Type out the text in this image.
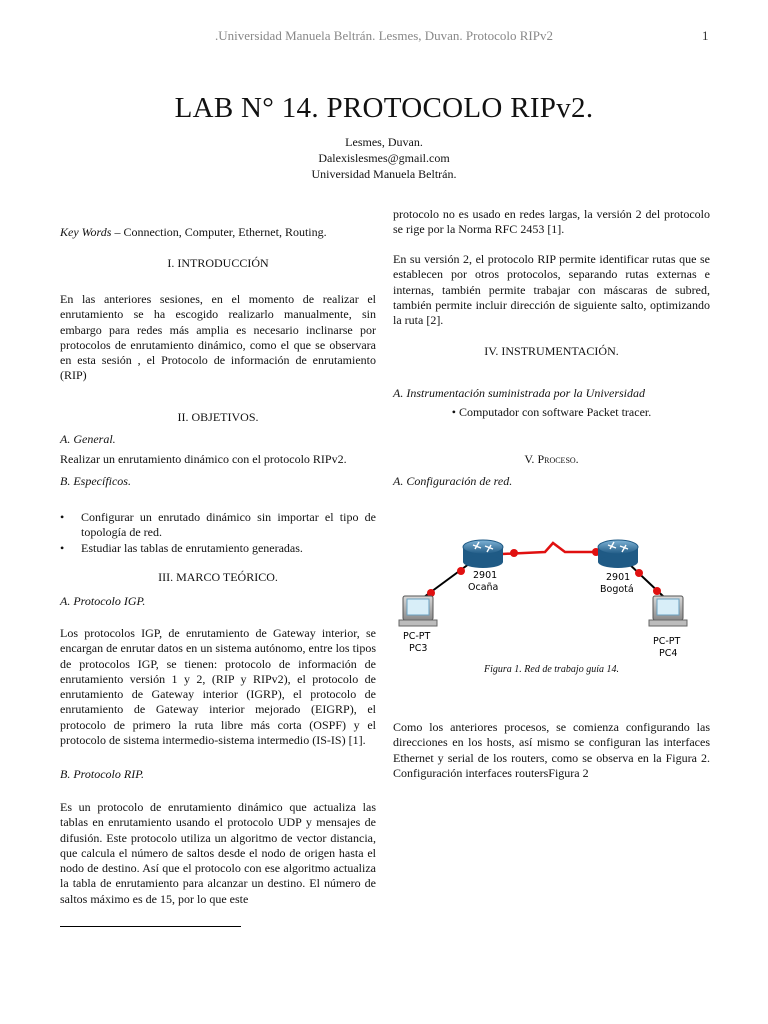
.Universidad Manuela Beltrán. Lesmes, Duvan. Protocolo RIPv2	1
LAB N° 14. PROTOCOLO RIPv2.
Lesmes, Duvan.
Dalexislesmes@gmail.com
Universidad Manuela Beltrán.

Key Words – Connection, Computer, Ethernet, Routing.

I. INTRODUCCIÓN

En las anteriores sesiones, en el momento de realizar el enrutamiento se ha escogido realizarlo manualmente, sin embargo para redes más amplia es necesario inclinarse por protocolos de enrutamiento dinámico, como el que se observara en esta sesión , el Protocolo de información de enrutamiento (RIP)

II. OBJETIVOS.
A. General.

Realizar un enrutamiento dinámico con el protocolo RIPv2.

B. Específicos.

• Configurar un enrutado dinámico sin importar el tipo de topología de red.

• Estudiar las tablas de enrutamiento generadas.

III. MARCO TEÓRICO.
A. Protocolo IGP.

Los protocolos IGP, de enrutamiento de Gateway interior, se encargan de enrutar datos en un sistema autónomo, entre los tipos de protocolos IGP, se tienen: protocolo de información de enrutamiento versión 1 y 2, (RIP y RIPv2), el protocolo de enrutamiento de Gateway interior (IGRP), el protocolo de enrutamiento de Gateway interior mejorado (EIGRP), el protocolo de primero la ruta libre más corta (OSPF) y el protocolo de sistema intermedio-sistema intermedio (IS-IS) [1].

B. Protocolo RIP.

Es un protocolo de enrutamiento dinámico que actualiza las tablas en enrutamiento usando el protocolo UDP y mensajes de difusión. Este protocolo utiliza un algoritmo de vector distancia, que calcula el número de saltos desde el nodo de origen hasta el nodo de destino. Así que el protocolo con ese algoritmo actualiza la tabla de enrutamiento para alcanzar un destino. El número de saltos máximo es de 15, por lo que este

protocolo no es usado en redes largas, la versión 2 del protocolo se rige por la Norma RFC 2453 [1].

En su versión 2, el protocolo RIP permite identificar rutas que se establecen por otros protocolos, separando rutas externas e internas, también permite trabajar con máscaras de subred, también permite incluir dirección de siguiente salto, optimizando la ruta [2].

IV. INSTRUMENTACIÓN.
A. Instrumentación suministrada por la Universidad
• Computador con software Packet tracer.
V. Proceso.
A. Configuración de red.
2901
Ocaña
2901
Bogotá
PC-PT
PC3
PC-PT
PC4
Figura 1. Red de trabajo guía 14.

Como los anteriores procesos, se comienza configurando las direcciones en los hosts, así mismo se configuran las interfaces Ethernet y serial de los routers, como se observa en la Figura 2. Configuración interfaces routersFigura 2
